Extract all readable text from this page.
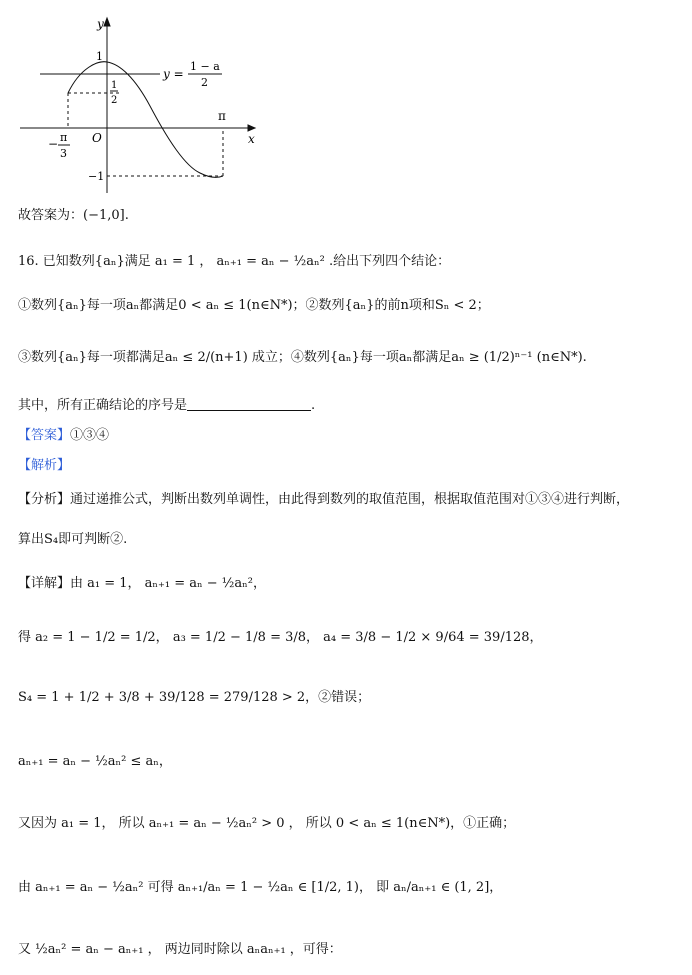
y
x
O
1
1
2
−1
π
− π
3
y =
1 − a
2
故答案为：(−1,0].
16. 已知数列{aₙ}满足 a₁ = 1 ， aₙ₊₁ = aₙ − ½aₙ² .给出下列四个结论：
①数列{aₙ}每一项aₙ都满足0 < aₙ ≤ 1(n∈N*)；②数列{aₙ}的前n项和Sₙ < 2；
③数列{aₙ}每一项都满足aₙ ≤ 2/(n+1) 成立；④数列{aₙ}每一项aₙ都满足aₙ ≥ (1/2)ⁿ⁻¹ (n∈N*).
其中，所有正确结论的序号是	.
【答案】①③④
【解析】
【分析】通过递推公式，判断出数列单调性，由此得到数列的取值范围，根据取值范围对①③④进行判断，
算出S₄即可判断②.
【详解】由 a₁ = 1， aₙ₊₁ = aₙ − ½aₙ²，
得 a₂ = 1 − 1/2 = 1/2， a₃ = 1/2 − 1/8 = 3/8， a₄ = 3/8 − 1/2 × 9/64 = 39/128，
S₄ = 1 + 1/2 + 3/8 + 39/128 = 279/128 > 2，②错误；
aₙ₊₁ = aₙ − ½aₙ² ≤ aₙ，
又因为 a₁ = 1， 所以 aₙ₊₁ = aₙ − ½aₙ² > 0 ， 所以 0 < aₙ ≤ 1(n∈N*)，①正确；
由 aₙ₊₁ = aₙ − ½aₙ² 可得 aₙ₊₁/aₙ = 1 − ½aₙ ∈ [1/2, 1)， 即 aₙ/aₙ₊₁ ∈ (1, 2]，
又 ½aₙ² = aₙ − aₙ₊₁ ， 两边同时除以 aₙaₙ₊₁ ，可得：
